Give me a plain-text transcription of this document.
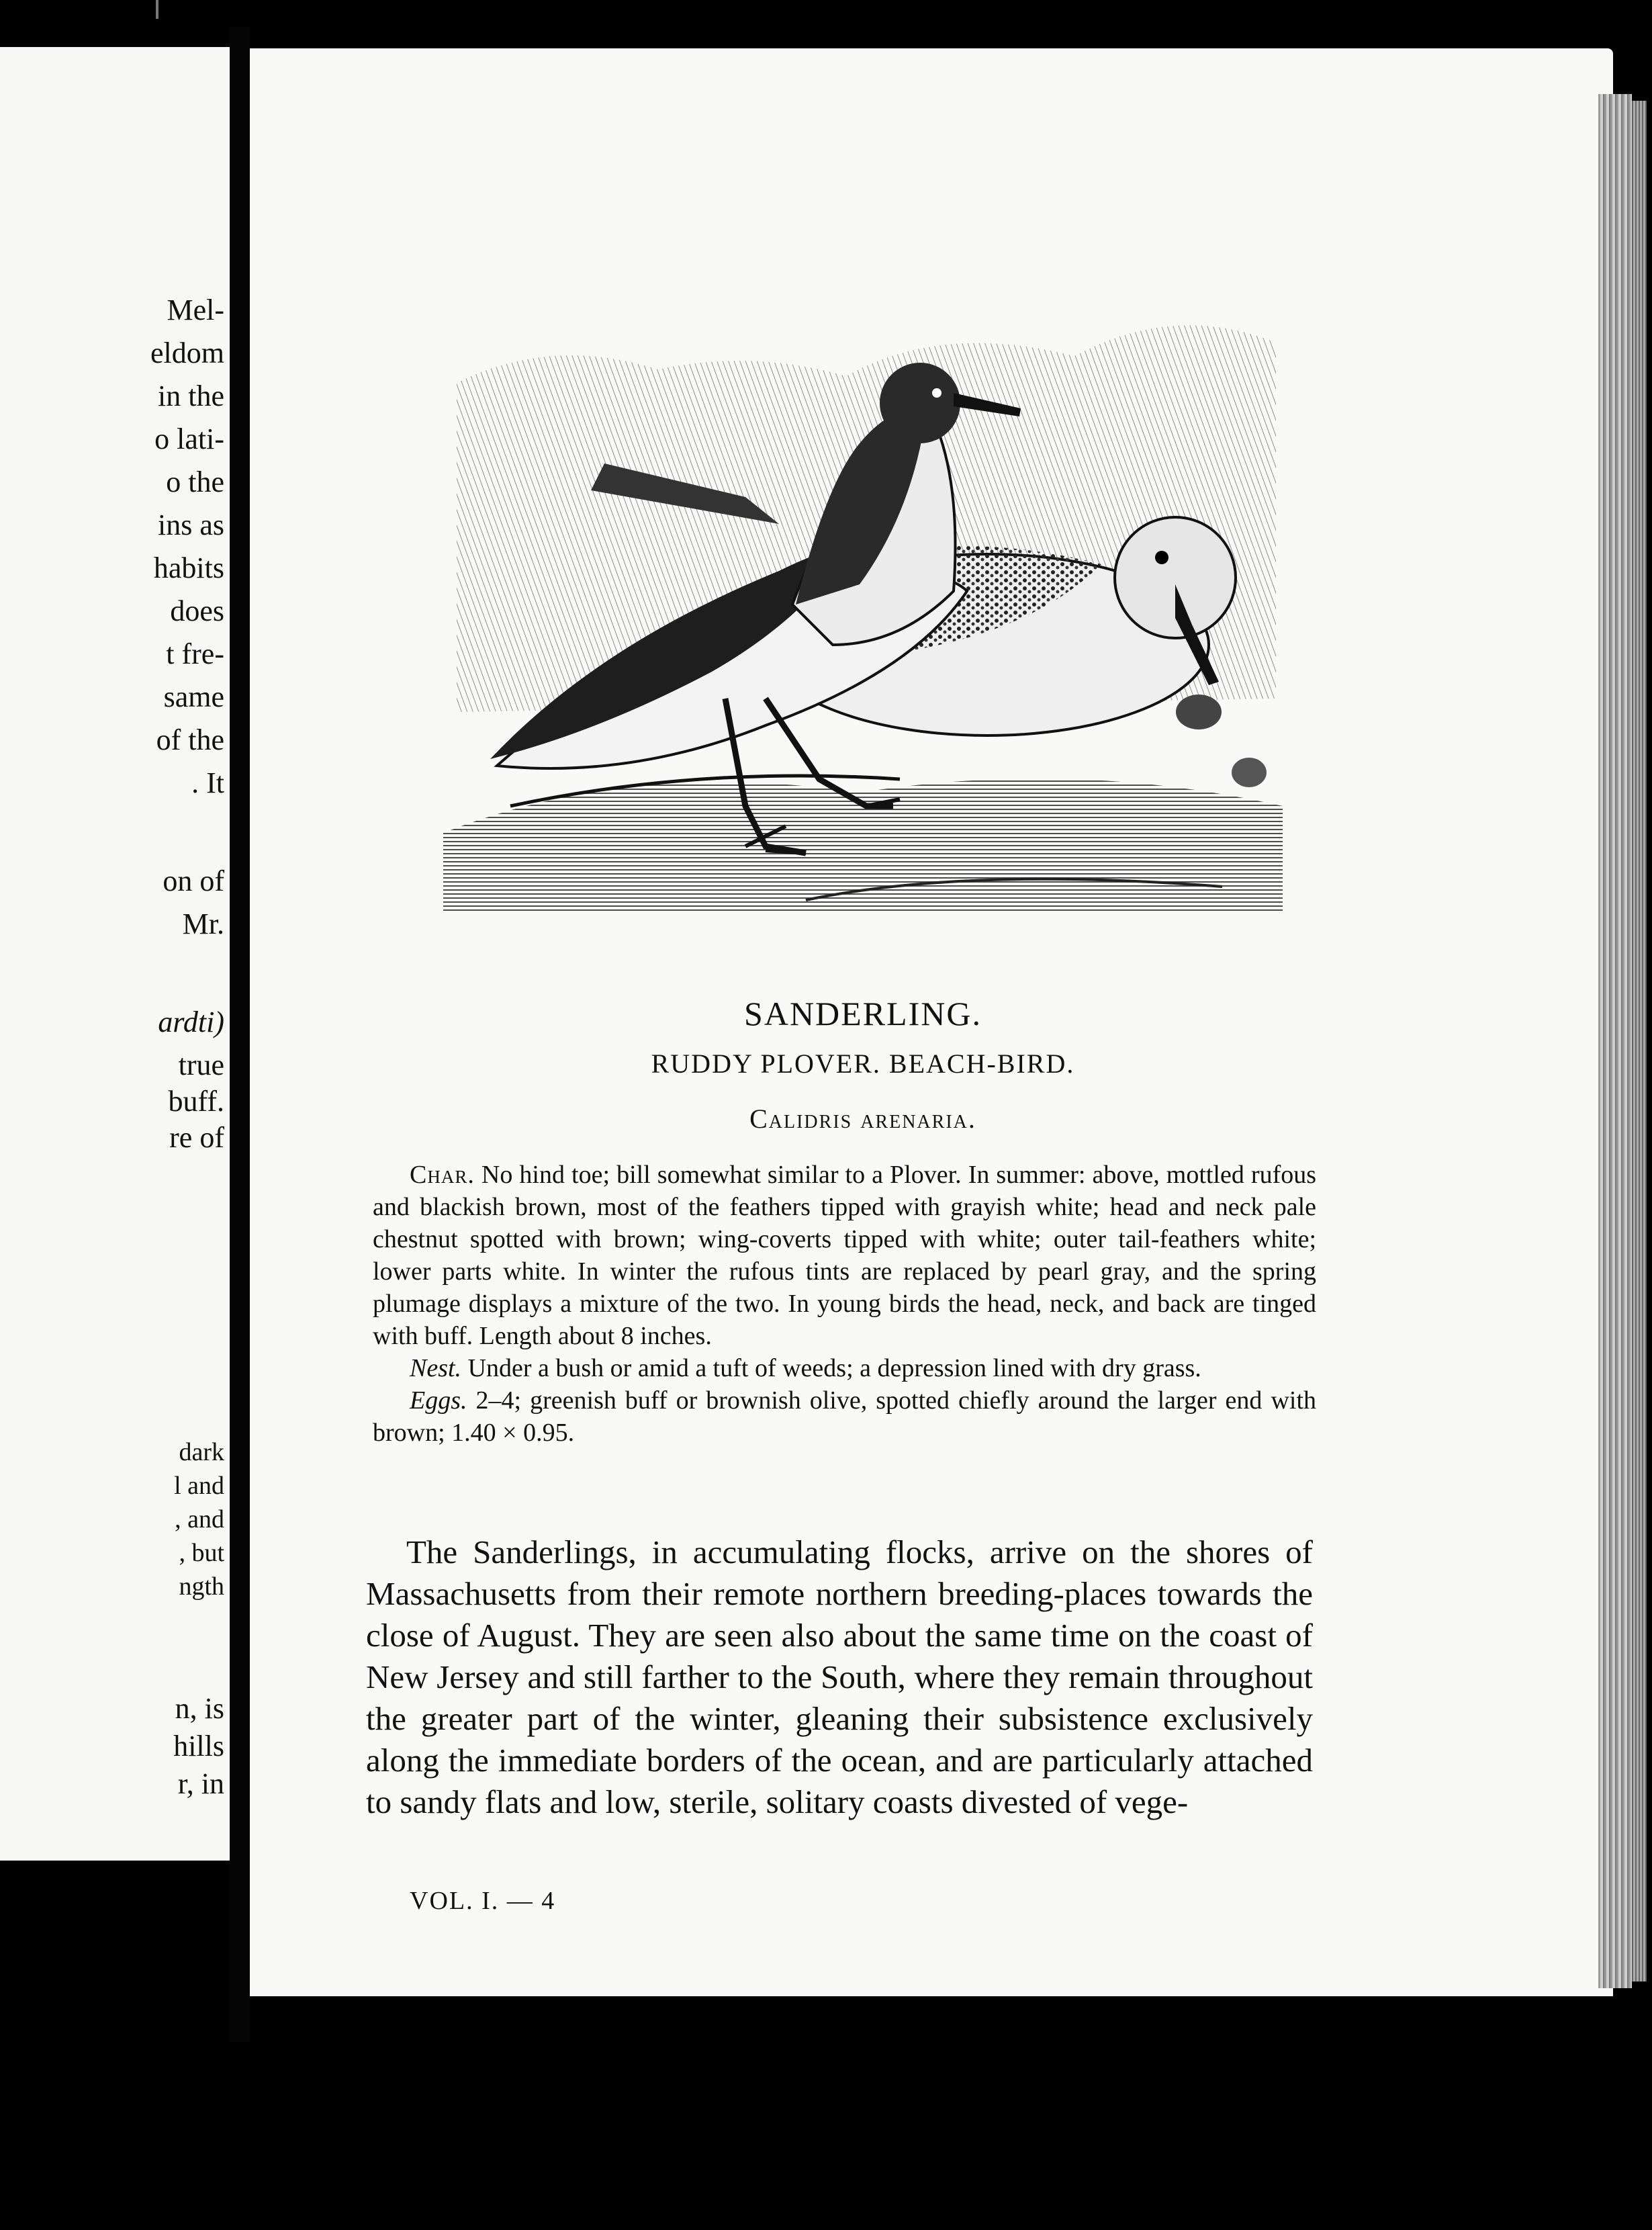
Mel-
eldom
in the
o lati-
o the
ins as
habits
does
t fre-
same
of the
. It
on of
Mr.
ardti)
true
buff.
re of
dark
l and
, and
, but
ngth
n, is
hills
r, in
SANDERLING.
RUDDY PLOVER. BEACH-BIRD.
Calidris arenaria.

Char. No hind toe; bill somewhat similar to a Plover. In summer: above, mottled rufous and blackish brown, most of the feathers tipped with grayish white; head and neck pale chestnut spotted with brown; wing-coverts tipped with white; outer tail-feathers white; lower parts white. In winter the rufous tints are replaced by pearl gray, and the spring plumage displays a mixture of the two. In young birds the head, neck, and back are tinged with buff. Length about 8 inches.

Nest. Under a bush or amid a tuft of weeds; a depression lined with dry grass.

Eggs. 2–4; greenish buff or brownish olive, spotted chiefly around the larger end with brown; 1.40 × 0.95.

The Sanderlings, in accumulating flocks, arrive on the shores of Massachusetts from their remote northern breeding-places towards the close of August. They are seen also about the same time on the coast of New Jersey and still farther to the South, where they remain throughout the greater part of the winter, gleaning their subsistence exclusively along the immediate borders of the ocean, and are particularly attached to sandy flats and low, sterile, solitary coasts divested of vege-

VOL. I. — 4
